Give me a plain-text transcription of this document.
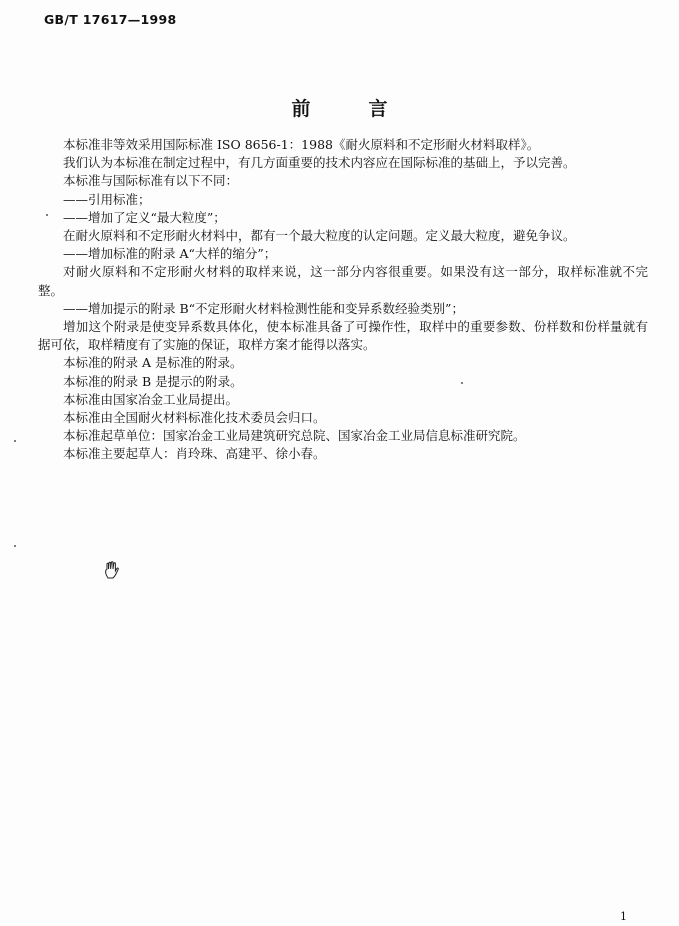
GB/T 17617—1998
前	言

本标准非等效采用国际标准 ISO 8656-1：1988《耐火原料和不定形耐火材料取样》。

我们认为本标准在制定过程中，有几方面重要的技术内容应在国际标准的基础上，予以完善。

本标准与国际标准有以下不同：

——引用标准；

——增加了定义“最大粒度”；

在耐火原料和不定形耐火材料中，都有一个最大粒度的认定问题。定义最大粒度，避免争议。

——增加标准的附录 A“大样的缩分”；

对耐火原料和不定形耐火材料的取样来说，这一部分内容很重要。如果没有这一部分，取样标准就不完整。

——增加提示的附录 B“不定形耐火材料检测性能和变异系数经验类别”；

增加这个附录是使变异系数具体化，使本标准具备了可操作性，取样中的重要参数、份样数和份样量就有据可依，取样精度有了实施的保证，取样方案才能得以落实。

本标准的附录 A 是标准的附录。

本标准的附录 B 是提示的附录。

本标准由国家冶金工业局提出。

本标准由全国耐火材料标准化技术委员会归口。

本标准起草单位：国家冶金工业局建筑研究总院、国家冶金工业局信息标准研究院。

本标准主要起草人：肖玲珠、高建平、徐小春。

1
